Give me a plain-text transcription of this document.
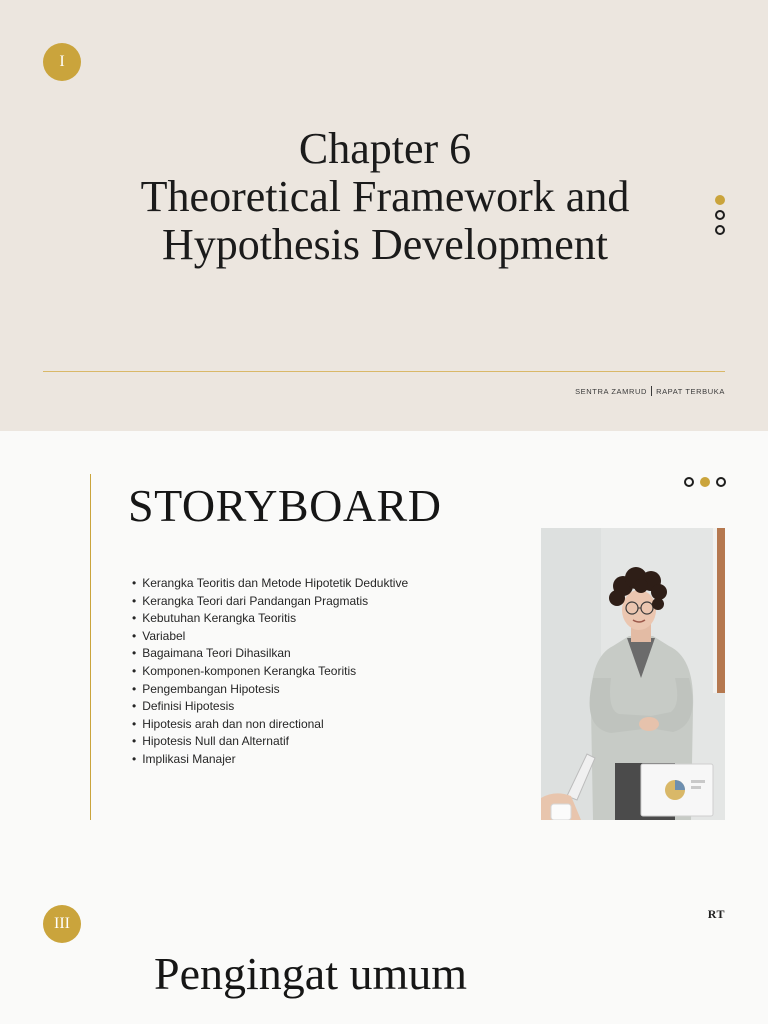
I
Chapter 6
Theoretical Framework and
Hypothesis Development
SENTRA ZAMRUD RAPAT TERBUKA
STORYBOARD
• Kerangka Teoritis dan Metode Hipotetik Deduktive
• Kerangka Teori dari Pandangan Pragmatis
• Kebutuhan Kerangka Teoritis
• Variabel
• Bagaimana Teori Dihasilkan
• Komponen-komponen Kerangka Teoritis
• Pengembangan Hipotesis
• Definisi Hipotesis
• Hipotesis arah dan non directional
• Hipotesis Null dan Alternatif
• Implikasi Manajer
III
RT
Pengingat umum
